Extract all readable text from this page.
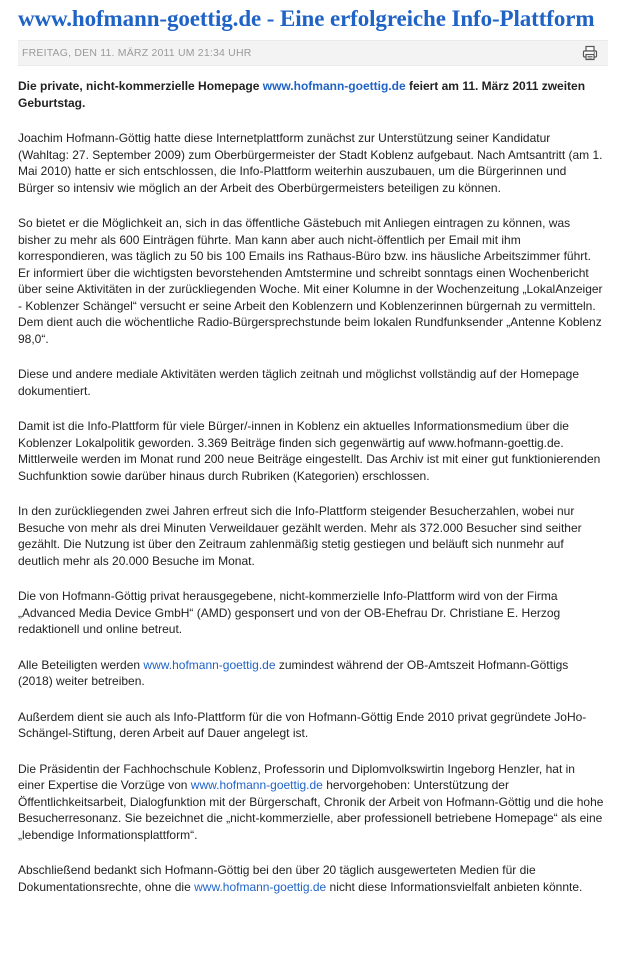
www.hofmann-goettig.de - Eine erfolgreiche Info-Plattform
FREITAG, DEN 11. MÄRZ 2011 UM 21:34 UHR

Die private, nicht-kommerzielle Homepage www.hofmann-goettig.de feiert am 11. März 2011 zweiten Geburtstag.

Joachim Hofmann-Göttig hatte diese Internetplattform zunächst zur Unterstützung seiner Kandidatur (Wahltag: 27. September 2009) zum Oberbürgermeister der Stadt Koblenz aufgebaut. Nach Amtsantritt (am 1. Mai 2010) hatte er sich entschlossen, die Info-Plattform weiterhin auszubauen, um die Bürgerinnen und Bürger so intensiv wie möglich an der Arbeit des Oberbürgermeisters beteiligen zu können.

So bietet er die Möglichkeit an, sich in das öffentliche Gästebuch mit Anliegen eintragen zu können, was bisher zu mehr als 600 Einträgen führte. Man kann aber auch nicht-öffentlich per Email mit ihm korrespondieren, was täglich zu 50 bis 100 Emails ins Rathaus-Büro bzw. ins häusliche Arbeitszimmer führt. Er informiert über die wichtigsten bevorstehenden Amtstermine und schreibt sonntags einen Wochenbericht über seine Aktivitäten in der zurückliegenden Woche. Mit einer Kolumne in der Wochenzeitung „LokalAnzeiger - Koblenzer Schängel“ versucht er seine Arbeit den Koblenzern und Koblenzerinnen bürgernah zu vermitteln. Dem dient auch die wöchentliche Radio-Bürgersprechstunde beim lokalen Rundfunksender „Antenne Koblenz 98,0“.

Diese und andere mediale Aktivitäten werden täglich zeitnah und möglichst vollständig auf der Homepage dokumentiert.

Damit ist die Info-Plattform für viele Bürger/-innen in Koblenz ein aktuelles Informationsmedium über die Koblenzer Lokalpolitik geworden. 3.369 Beiträge finden sich gegenwärtig auf www.hofmann-goettig.de. Mittlerweile werden im Monat rund 200 neue Beiträge eingestellt. Das Archiv ist mit einer gut funktionierenden Suchfunktion sowie darüber hinaus durch Rubriken (Kategorien) erschlossen.

In den zurückliegenden zwei Jahren erfreut sich die Info-Plattform steigender Besucherzahlen, wobei nur Besuche von mehr als drei Minuten Verweildauer gezählt werden. Mehr als 372.000 Besucher sind seither gezählt. Die Nutzung ist über den Zeitraum zahlenmäßig stetig gestiegen und beläuft sich nunmehr auf deutlich mehr als 20.000 Besuche im Monat.

Die von Hofmann-Göttig privat herausgegebene, nicht-kommerzielle Info-Plattform wird von der Firma „Advanced Media Device GmbH“ (AMD) gesponsert und von der OB-Ehefrau Dr. Christiane E. Herzog redaktionell und online betreut.

Alle Beteiligten werden www.hofmann-goettig.de zumindest während der OB-Amtszeit Hofmann-Göttigs (2018) weiter betreiben.

Außerdem dient sie auch als Info-Plattform für die von Hofmann-Göttig Ende 2010 privat gegründete JoHo-Schängel-Stiftung, deren Arbeit auf Dauer angelegt ist.

Die Präsidentin der Fachhochschule Koblenz, Professorin und Diplomvolkswirtin Ingeborg Henzler, hat in einer Expertise die Vorzüge von www.hofmann-goettig.de hervorgehoben: Unterstützung der Öffentlichkeitsarbeit, Dialogfunktion mit der Bürgerschaft, Chronik der Arbeit von Hofmann-Göttig und die hohe Besucherresonanz. Sie bezeichnet die „nicht-kommerzielle, aber professionell betriebene Homepage“ als eine „lebendige Informationsplattform“.

Abschließend bedankt sich Hofmann-Göttig bei den über 20 täglich ausgewerteten Medien für die Dokumentationsrechte, ohne die www.hofmann-goettig.de nicht diese Informationsvielfalt anbieten könnte.
